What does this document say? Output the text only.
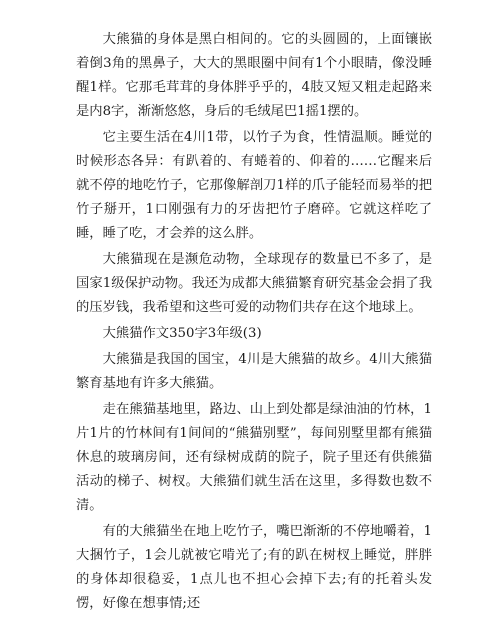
大熊猫的身体是黑白相间的。它的头圆圆的，上面镶嵌着倒3角的黑鼻子，大大的黑眼圈中间有1个小眼睛，像没睡醒1样。它那毛茸茸的身体胖乎乎的，4肢又短又粗走起路来是内8字，渐渐悠悠，身后的毛绒尾巴1摇1摆的。

它主要生活在4川1带，以竹子为食，性情温顺。睡觉的时候形态各异：有趴着的、有蜷着的、仰着的……它醒来后就不停的地吃竹子，它那像解剖刀1样的爪子能轻而易举的把竹子掰开，1口刚强有力的牙齿把竹子磨碎。它就这样吃了睡，睡了吃，才会养的这么胖。

大熊猫现在是濒危动物，全球现存的数量已不多了，是国家1级保护动物。我还为成都大熊猫繁育研究基金会捐了我的压岁钱，我希望和这些可爱的动物们共存在这个地球上。

大熊猫作文350字3年级(3)

大熊猫是我国的国宝，4川是大熊猫的故乡。4川大熊猫繁育基地有许多大熊猫。

走在熊猫基地里，路边、山上到处都是绿油油的竹林，1片1片的竹林间有1间间的“熊猫别墅”，每间别墅里都有熊猫休息的玻璃房间，还有绿树成荫的院子，院子里还有供熊猫活动的梯子、树杈。大熊猫们就生活在这里，多得数也数不清。

有的大熊猫坐在地上吃竹子，嘴巴渐渐的不停地嚼着，1大捆竹子，1会儿就被它啃光了;有的趴在树杈上睡觉，胖胖的身体却很稳妥，1点儿也不担心会掉下去;有的托着头发愣，好像在想事情;还
